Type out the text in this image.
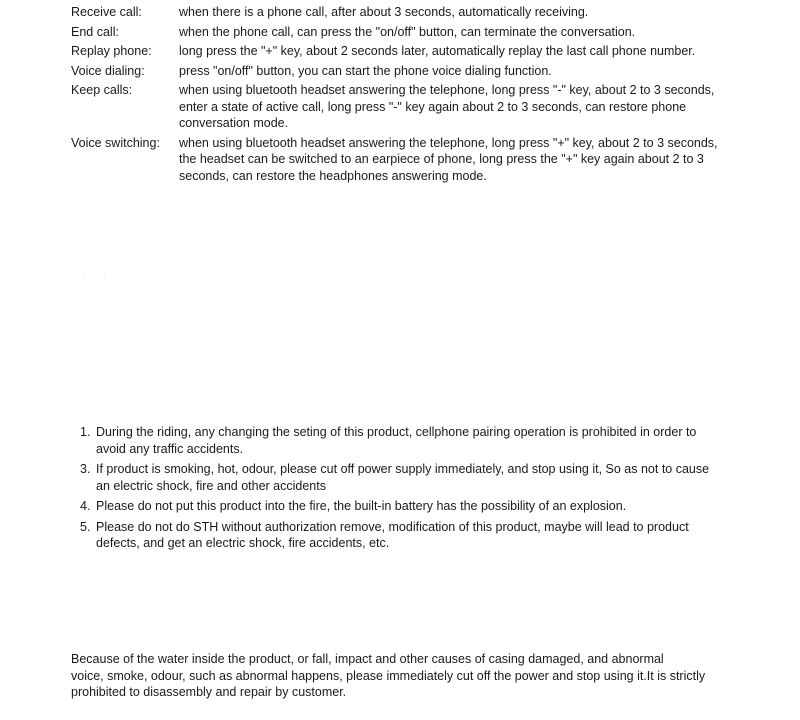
Receive call:	when there is a phone call, after about 3 seconds, automatically receiving.
End call:	when the phone call, can press the "on/off" button, can terminate the conversation.
Replay phone:	long press the "+" key, about 2 seconds later, automatically replay the last call phone number.
Voice dialing:	press "on/off" button, you can start the phone voice dialing function.
Keep calls:	when using bluetooth headset answering the telephone, long press "-" key, about 2 to 3 seconds,
enter a state of active call, long press "-" key again about 2 to 3 seconds, can restore phone
conversation mode.
Voice switching:	when using bluetooth headset answering the telephone, long press "+" key, about 2 to 3 seconds,
the headset can be switched to an earpiece of phone, long press the "+" key again about 2 to 3
seconds, can restore the headphones answering mode.
· ·
1. During the riding, any changing the seting of this product, cellphone pairing operation is prohibited in order to
avoid any traffic accidents.
3. If product is smoking, hot, odour, please cut off power supply immediately, and stop using it, So as not to cause
an electric shock, fire and other accidents
4. Please do not put this product into the fire, the built-in battery has the possibility of an explosion.
5. Please do not do STH without authorization remove, modification of this product, maybe will lead to product
defects, and get an electric shock, fire accidents, etc.
Because of the water inside the product, or fall, impact and other causes of casing damaged, and abnormal
voice, smoke, odour, such as abnormal happens, please immediately cut off the power and stop using it.It is strictly
prohibited to disassembly and repair by customer.
